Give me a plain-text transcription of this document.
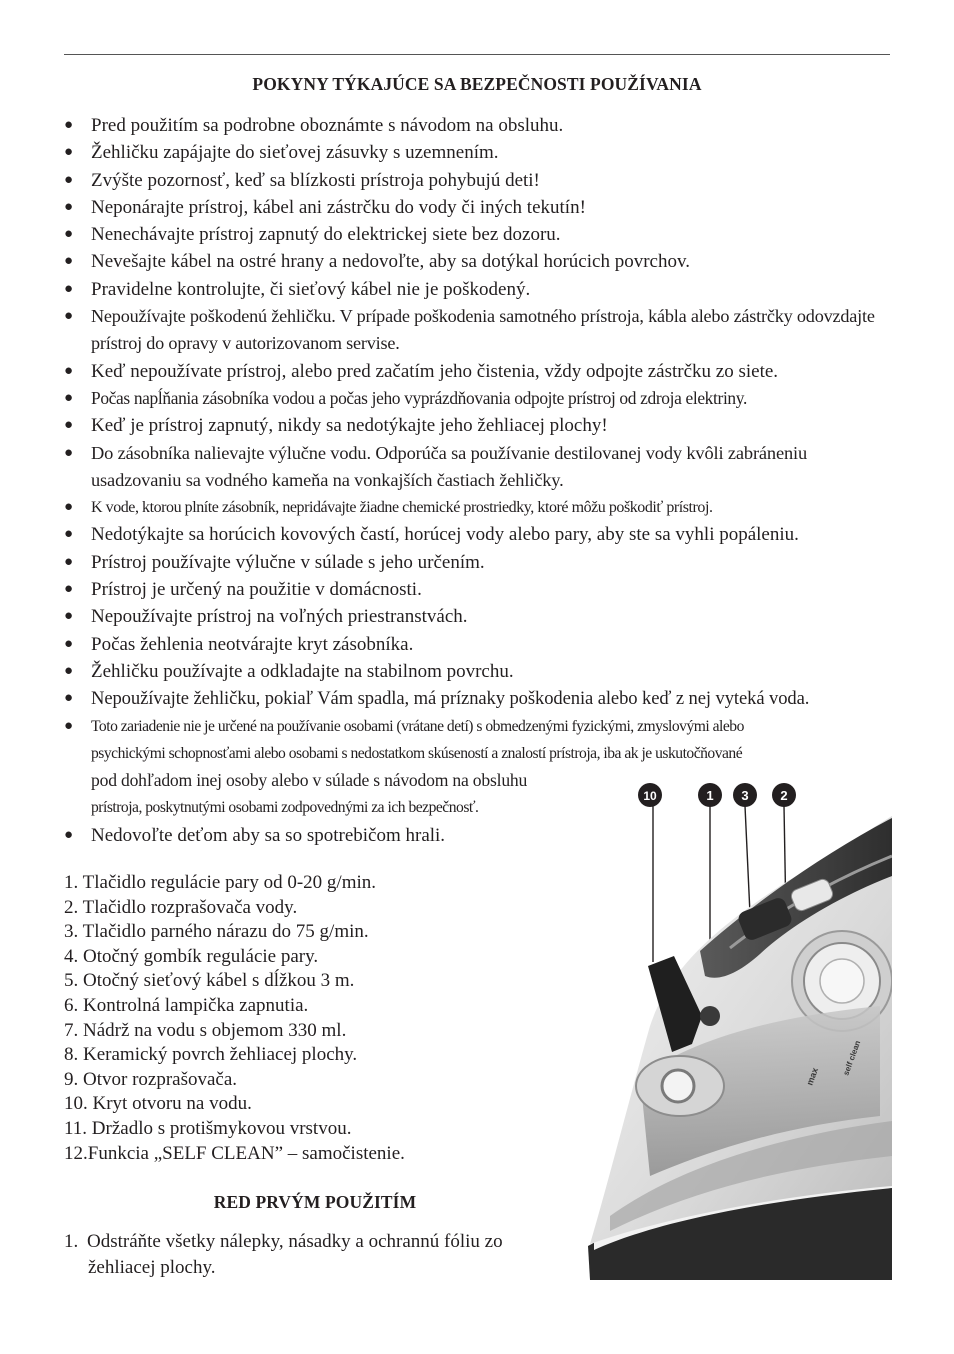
POKYNY TÝKAJÚCE SA BEZPEČNOSTI POUŽÍVANIA
● Pred použitím sa podrobne oboznámte s návodom na obsluhu.
● Žehličku zapájajte do sieťovej zásuvky s uzemnením.
● Zvýšte pozornosť, keď sa blízkosti prístroja pohybujú deti!
● Neponárajte prístroj, kábel ani zástrčku do vody či iných tekutín!
● Nenechávajte prístroj zapnutý do elektrickej siete bez dozoru.
● Nevešajte kábel na ostré hrany a nedovoľte, aby sa dotýkal horúcich povrchov.
● Pravidelne kontrolujte, či sieťový kábel nie je poškodený.
● Nepoužívajte poškodenú žehličku. V prípade poškodenia samotného prístroja, kábla alebo zástrčky odovzdajte prístroj do opravy v autorizovanom servise.
● Keď nepoužívate prístroj, alebo pred začatím jeho čistenia, vždy odpojte zástrčku zo siete.
● Počas napĺňania zásobníka vodou a počas jeho vyprázdňovania odpojte prístroj od zdroja elektriny.
● Keď je prístroj zapnutý, nikdy sa nedotýkajte jeho žehliacej plochy!
● Do zásobníka nalievajte výlučne vodu. Odporúča sa používanie destilovanej vody kvôli zabráneniu usadzovaniu sa vodného kameňa na vonkajších častiach žehličky.
● K vode, ktorou plníte zásobník, nepridávajte žiadne chemické prostriedky, ktoré môžu poškodiť prístroj.
● Nedotýkajte sa horúcich kovových častí, horúcej vody alebo pary, aby ste sa vyhli popáleniu.
● Prístroj používajte výlučne v súlade s jeho určením.
● Prístroj je určený na použitie v domácnosti.
● Nepoužívajte prístroj na voľných priestranstvách.
● Počas žehlenia neotvárajte kryt zásobníka.
● Žehličku používajte a odkladajte na stabilnom povrchu.
● Nepoužívajte žehličku, pokiaľ Vám spadla, má príznaky poškodenia alebo keď z nej vyteká voda.
● Toto zariadenie nie je určené na používanie osobami (vrátane detí) s obmedzenými fyzickými, zmyslovými alebo
psychickými schopnosťami alebo osobami s nedostatkom skúseností a znalostí prístroja, iba ak je uskutočňované
pod dohľadom inej osoby alebo v súlade s návodom na obsluhu
prístroja, poskytnutými osobami zodpovednými za ich bezpečnosť.
● Nedovoľte deťom aby sa so spotrebičom hrali.
1. Tlačidlo regulácie pary od 0-20 g/min.
2. Tlačidlo rozprašovača vody.
3. Tlačidlo parného nárazu do 75 g/min.
4. Otočný gombík regulácie pary.
5. Otočný sieťový kábel s dĺžkou 3 m.
6. Kontrolná lampička zapnutia.
7. Nádrž na vodu s objemom 330 ml.
8. Keramický povrch žehliacej plochy.
9. Otvor rozprašovača.
10. Kryt otvoru na vodu.
11. Držadlo s protišmykovou vrstvou.
12.Funkcia „SELF CLEAN” – samočistenie.
RED PRVÝM POUŽITÍM
1. Odstráňte všetky nálepky, násadky a ochrannú fóliu zo
žehliacej plochy.
max	self clean
10	1 3 2
